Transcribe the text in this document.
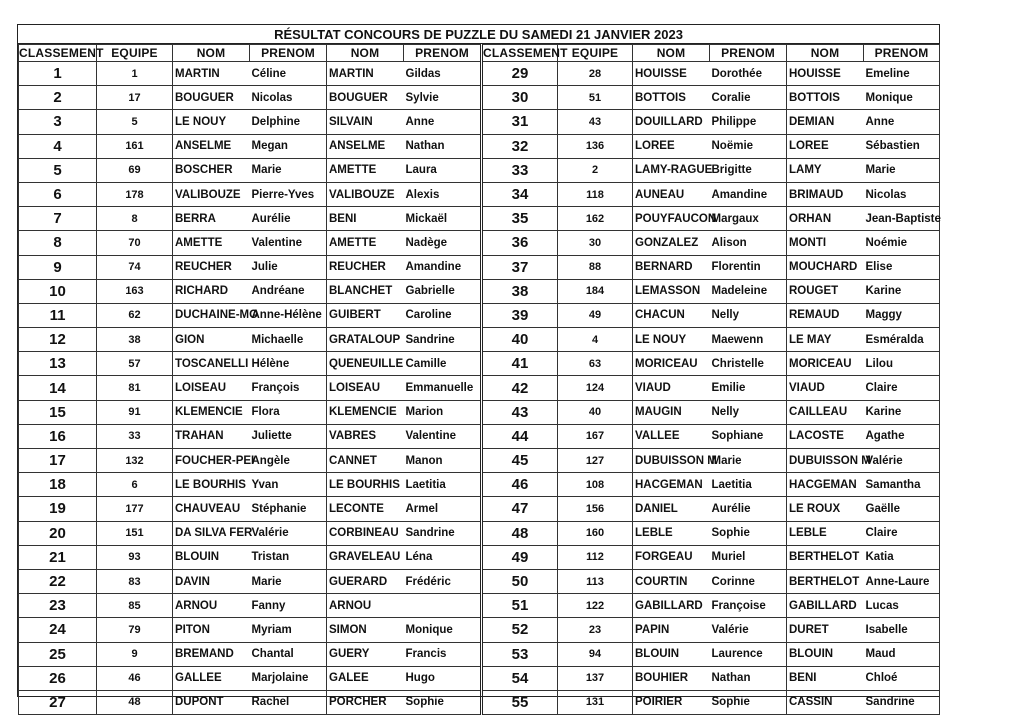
RÉSULTAT CONCOURS DE PUZZLE DU SAMEDI 21 JANVIER 2023
CLASSEMENT	EQUIPE	NOM	PRENOM	NOM	PRENOM
1	1	MARTIN	Céline	MARTIN	Gildas
2	17	BOUGUER	Nicolas	BOUGUER	Sylvie
3	5	LE NOUY	Delphine	SILVAIN	Anne
4	161	ANSELME	Megan	ANSELME	Nathan
5	69	BOSCHER	Marie	AMETTE	Laura
6	178	VALIBOUZE	Pierre-Yves	VALIBOUZE	Alexis
7	8	BERRA	Aurélie	BENI	Mickaël
8	70	AMETTE	Valentine	AMETTE	Nadège
9	74	REUCHER	Julie	REUCHER	Amandine
10	163	RICHARD	Andréane	BLANCHET	Gabrielle
11	62	DUCHAINE-MO	Anne-Hélène	GUIBERT	Caroline
12	38	GION	Michaelle	GRATALOUP	Sandrine
13	57	TOSCANELLI	Hélène	QUENEUILLE	Camille
14	81	LOISEAU	François	LOISEAU	Emmanuelle
15	91	KLEMENCIE	Flora	KLEMENCIE	Marion
16	33	TRAHAN	Juliette	VABRES	Valentine
17	132	FOUCHER-PEI	Angèle	CANNET	Manon
18	6	LE BOURHIS	Yvan	LE BOURHIS	Laetitia
19	177	CHAUVEAU	Stéphanie	LECONTE	Armel
20	151	DA SILVA FER	Valérie	CORBINEAU	Sandrine
21	93	BLOUIN	Tristan	GRAVELEAU	Léna
22	83	DAVIN	Marie	GUERARD	Frédéric
23	85	ARNOU	Fanny	ARNOU	
24	79	PITON	Myriam	SIMON	Monique
25	9	BREMAND	Chantal	GUERY	Francis
26	46	GALLEE	Marjolaine	GALEE	Hugo
27	48	DUPONT	Rachel	PORCHER	Sophie
CLASSEMENT	EQUIPE	NOM	PRENOM	NOM	PRENOM
29	28	HOUISSE	Dorothée	HOUISSE	Emeline
30	51	BOTTOIS	Coralie	BOTTOIS	Monique
31	43	DOUILLARD	Philippe	DEMIAN	Anne
32	136	LOREE	Noëmie	LOREE	Sébastien
33	2	LAMY-RAGUE	Brigitte	LAMY	Marie
34	118	AUNEAU	Amandine	BRIMAUD	Nicolas
35	162	POUYFAUCON	Margaux	ORHAN	Jean-Baptiste
36	30	GONZALEZ	Alison	MONTI	Noémie
37	88	BERNARD	Florentin	MOUCHARD	Elise
38	184	LEMASSON	Madeleine	ROUGET	Karine
39	49	CHACUN	Nelly	REMAUD	Maggy
40	4	LE NOUY	Maewenn	LE MAY	Esméralda
41	63	MORICEAU	Christelle	MORICEAU	Lilou
42	124	VIAUD	Emilie	VIAUD	Claire
43	40	MAUGIN	Nelly	CAILLEAU	Karine
44	167	VALLEE	Sophiane	LACOSTE	Agathe
45	127	DUBUISSON M	Marie	DUBUISSON M	Valérie
46	108	HACGEMAN	Laetitia	HACGEMAN	Samantha
47	156	DANIEL	Aurélie	LE ROUX	Gaëlle
48	160	LEBLE	Sophie	LEBLE	Claire
49	112	FORGEAU	Muriel	BERTHELOT	Katia
50	113	COURTIN	Corinne	BERTHELOT	Anne-Laure
51	122	GABILLARD	Françoise	GABILLARD	Lucas
52	23	PAPIN	Valérie	DURET	Isabelle
53	94	BLOUIN	Laurence	BLOUIN	Maud
54	137	BOUHIER	Nathan	BENI	Chloé
55	131	POIRIER	Sophie	CASSIN	Sandrine
